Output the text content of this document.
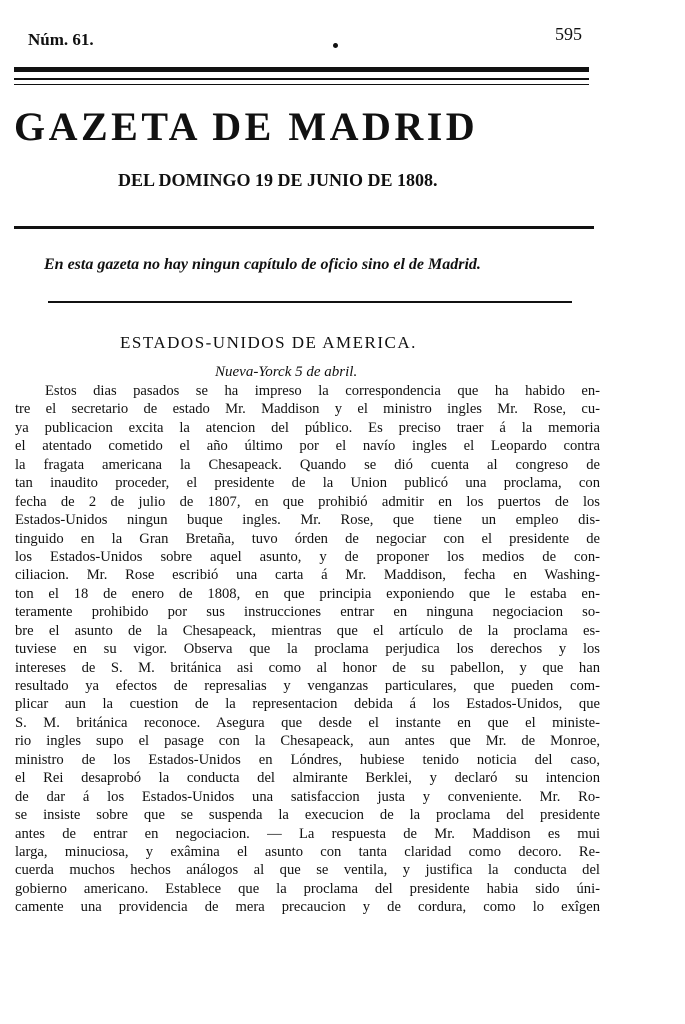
Núm. 61.	595
GAZETA DE MADRID
DEL DOMINGO 19 DE JUNIO DE 1808.
En esta gazeta no hay ningun capítulo de oficio sino el de Madrid.
ESTADOS-UNIDOS DE AMERICA.
Nueva-Yorck 5 de abril.
Estos dias pasados se ha impreso la correspondencia que ha habido en-
tre el secretario de estado Mr. Maddison y el ministro ingles Mr. Rose, cu-
ya publicacion excita la atencion del público. Es preciso traer á la memoria
el atentado cometido el año último por el navío ingles el Leopardo contra
la fragata americana la Chesapeack. Quando se dió cuenta al congreso de
tan inaudito proceder, el presidente de la Union publicó una proclama, con
fecha de 2 de julio de 1807, en que prohibió admitir en los puertos de los
Estados-Unidos ningun buque ingles. Mr. Rose, que tiene un empleo dis-
tinguido en la Gran Bretaña, tuvo órden de negociar con el presidente de
los Estados-Unidos sobre aquel asunto, y de proponer los medios de con-
ciliacion. Mr. Rose escribió una carta á Mr. Maddison, fecha en Washing-
ton el 18 de enero de 1808, en que principia exponiendo que le estaba en-
teramente prohibido por sus instrucciones entrar en ninguna negociacion so-
bre el asunto de la Chesapeack, mientras que el artículo de la proclama es-
tuviese en su vigor. Observa que la proclama perjudica los derechos y los
intereses de S. M. británica asi como al honor de su pabellon, y que han
resultado ya efectos de represalias y venganzas particulares, que pueden com-
plicar aun la cuestion de la representacion debida á los Estados-Unidos, que
S. M. británica reconoce. Asegura que desde el instante en que el ministe-
rio ingles supo el pasage con la Chesapeack, aun antes que Mr. de Monroe,
ministro de los Estados-Unidos en Lóndres, hubiese tenido noticia del caso,
el Rei desaprobó la conducta del almirante Berklei, y declaró su intencion
de dar á los Estados-Unidos una satisfaccion justa y conveniente. Mr. Ro-
se insiste sobre que se suspenda la execucion de la proclama del presidente
antes de entrar en negociacion. — La respuesta de Mr. Maddison es mui
larga, minuciosa, y exâmina el asunto con tanta claridad como decoro. Re-
cuerda muchos hechos análogos al que se ventila, y justifica la conducta del
gobierno americano. Establece que la proclama del presidente habia sido úni-
camente una providencia de mera precaucion y de cordura, como lo exîgen
